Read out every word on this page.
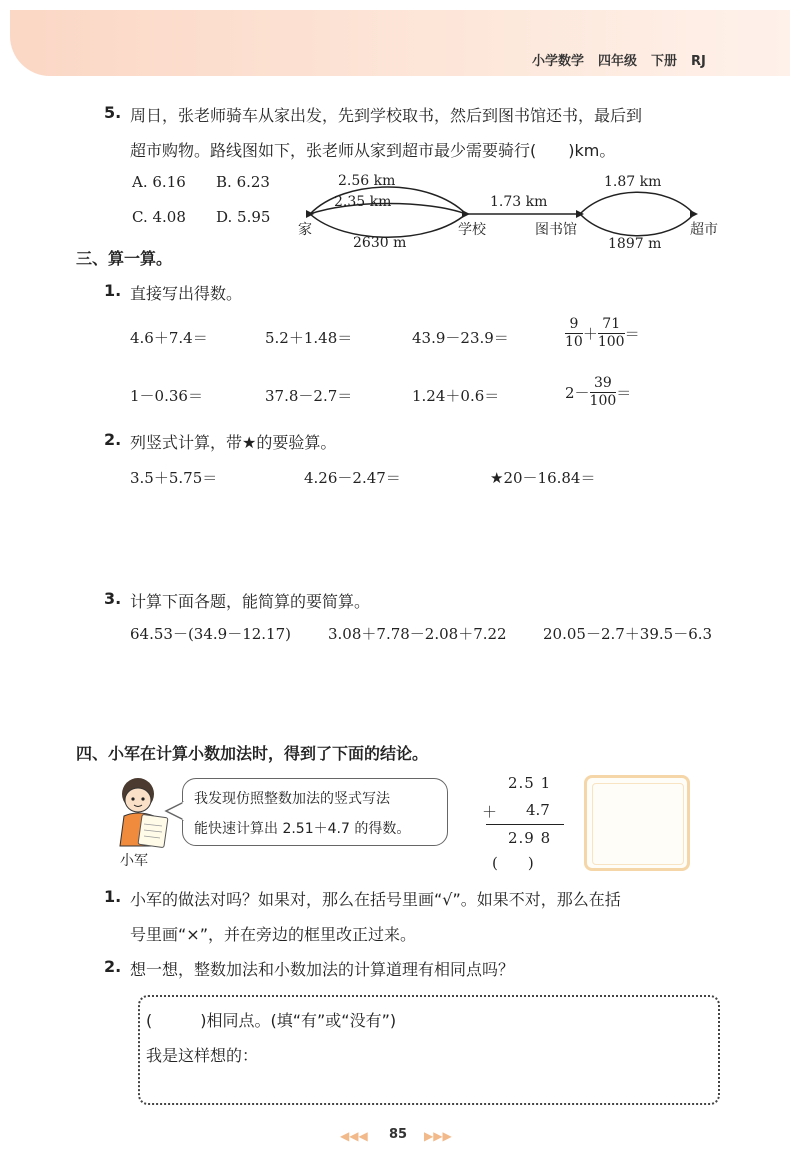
小学数学 四年级 下册 RJ
5. 周日，张老师骑车从家出发，先到学校取书，然后到图书馆还书，最后到
超市购物。路线图如下，张老师从家到超市最少需要骑行(　　)km。
A. 6.16 B. 6.23
C. 4.08 D. 5.95
2.56 km
2.35 km
2630 m
1.73 km
1.87 km
1897 m
家	学校	图书馆	超市
三、算一算。
1. 直接写出得数。
4.6＋7.4＝	5.2＋1.48＝	43.9－23.9＝	$\frac{9}{10} + \frac{71}{100}$ ＝
1－0.36＝	37.8－2.7＝	1.24＋0.6＝	$2- \frac{39}{100}$ ＝
2. 列竖式计算，带★的要验算。
3.5＋5.75＝	4.26－2.47＝	★20－16.84＝
3. 计算下面各题，能简算的要简算。
64.53－(34.9－12.17) 3.08＋7.78－2.08＋7.22 20.05－2.7＋39.5－6.3
四、小军在计算小数加法时，得到了下面的结论。
小军
我发现仿照整数加法的竖式写法
能快速计算出 2.51＋4.7 的得数。
2.5 1
＋ 4.7
2.9 8
(　　)
1. 小军的做法对吗？如果对，那么在括号里画“√”。如果不对，那么在括
号里画“×”，并在旁边的框里改正过来。
2. 想一想，整数加法和小数加法的计算道理有相同点吗？
(　　　)相同点。(填“有”或“没有”)
我是这样想的：
◀◀◀ 85 ▶▶▶
